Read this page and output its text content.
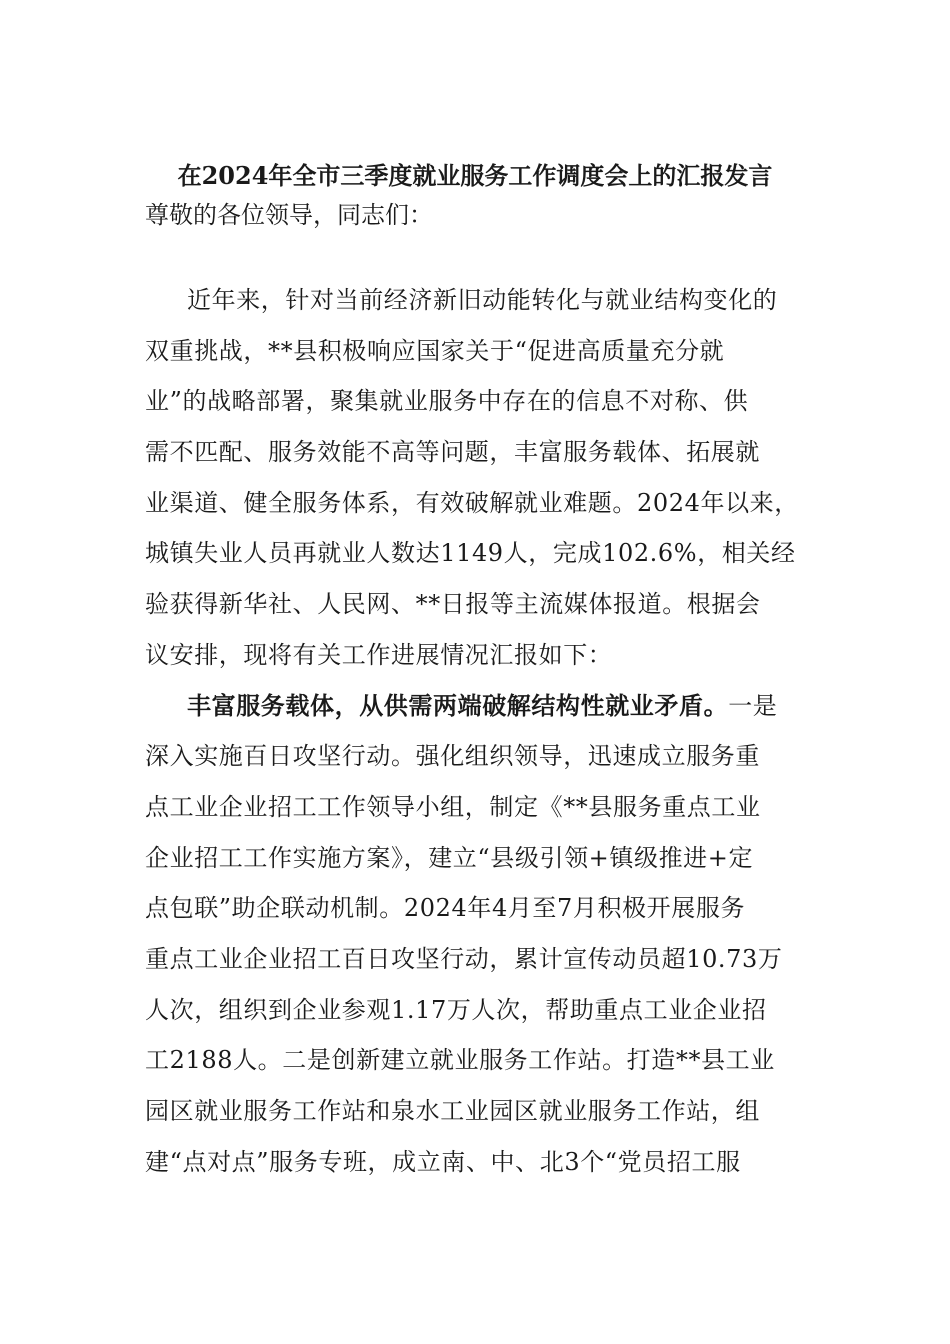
在2024年全市三季度就业服务工作调度会上的汇报发言
尊敬的各位领导，同志们：
近年来，针对当前经济新旧动能转化与就业结构变化的
双重挑战，**县积极响应国家关于“促进高质量充分就
业”的战略部署，聚集就业服务中存在的信息不对称、供
需不匹配、服务效能不高等问题，丰富服务载体、拓展就
业渠道、健全服务体系，有效破解就业难题。2024年以来，
城镇失业人员再就业人数达1149人，完成102.6%，相关经
验获得新华社、人民网、**日报等主流媒体报道。根据会
议安排，现将有关工作进展情况汇报如下：
丰富服务载体，从供需两端破解结构性就业矛盾。一是
深入实施百日攻坚行动。强化组织领导，迅速成立服务重
点工业企业招工工作领导小组，制定《**县服务重点工业
企业招工工作实施方案》，建立“县级引领+镇级推进+定
点包联”助企联动机制。2024年4月至7月积极开展服务
重点工业企业招工百日攻坚行动，累计宣传动员超10.73万
人次，组织到企业参观1.17万人次，帮助重点工业企业招
工2188人。二是创新建立就业服务工作站。打造**县工业
园区就业服务工作站和泉水工业园区就业服务工作站，组
建“点对点”服务专班，成立南、中、北3个“党员招工服
